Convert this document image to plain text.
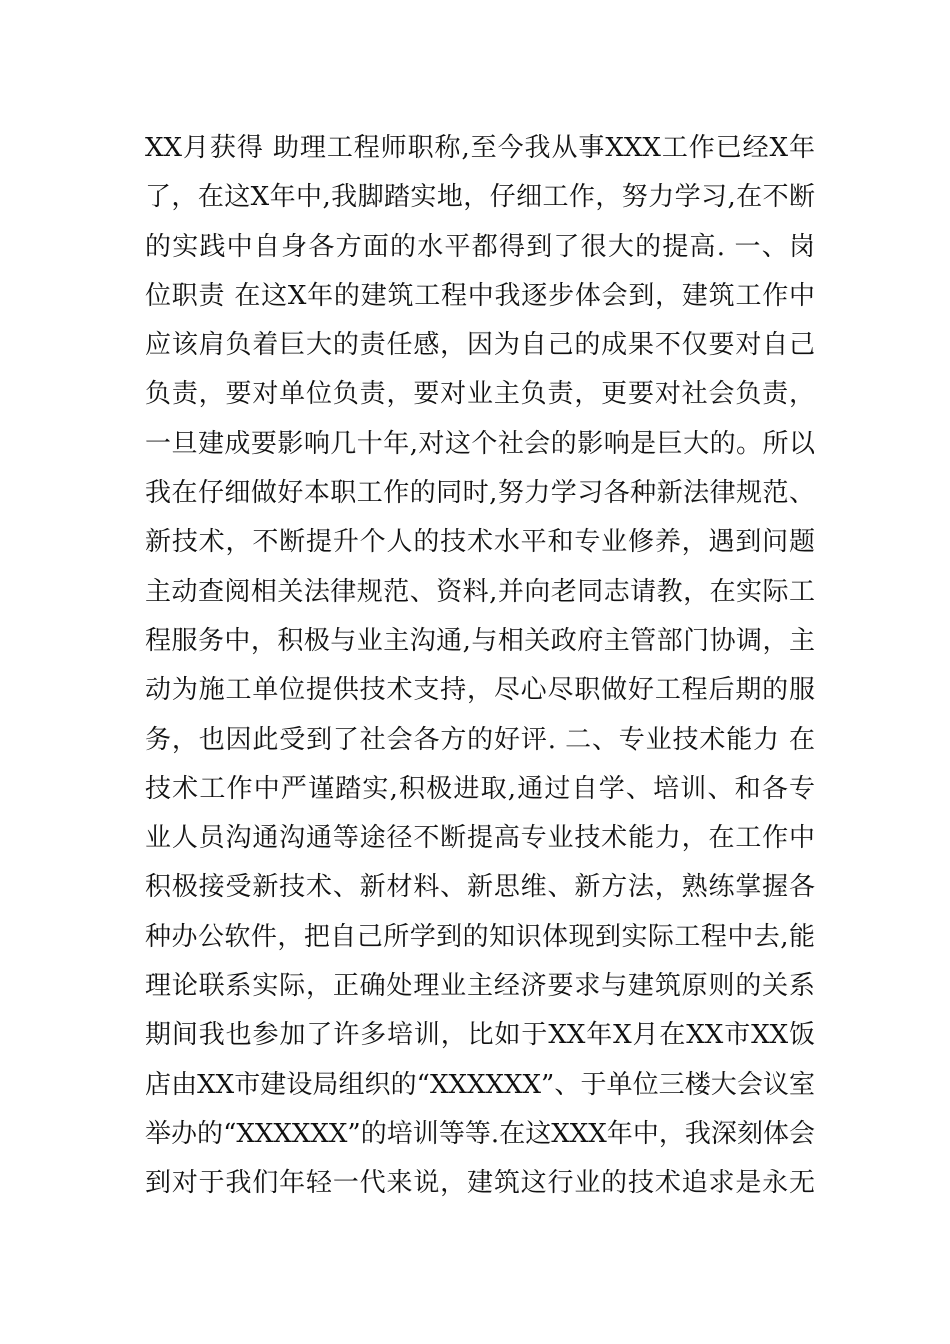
XX月获得 助理工程师职称,至今我从事XXX工作已经X年
了，在这X年中,我脚踏实地，仔细工作，努力学习,在不断
的实践中自身各方面的水平都得到了很大的提高. 一、岗
位职责 在这X年的建筑工程中我逐步体会到，建筑工作中
应该肩负着巨大的责任感，因为自己的成果不仅要对自己
负责，要对单位负责，要对业主负责，更要对社会负责，
一旦建成要影响几十年,对这个社会的影响是巨大的。所以
我在仔细做好本职工作的同时,努力学习各种新法律规范、
新技术，不断提升个人的技术水平和专业修养，遇到问题
主动查阅相关法律规范、资料,并向老同志请教，在实际工
程服务中，积极与业主沟通,与相关政府主管部门协调，主
动为施工单位提供技术支持，尽心尽职做好工程后期的服
务，也因此受到了社会各方的好评. 二、专业技术能力 在
技术工作中严谨踏实,积极进取,通过自学、培训、和各专
业人员沟通沟通等途径不断提高专业技术能力，在工作中
积极接受新技术、新材料、新思维、新方法，熟练掌握各
种办公软件，把自己所学到的知识体现到实际工程中去,能
理论联系实际，正确处理业主经济要求与建筑原则的关系
期间我也参加了许多培训，比如于XX年X月在XX市XX饭
店由XX市建设局组织的“XXXXXX”、于单位三楼大会议室
举办的“XXXXXX”的培训等等.在这XXX年中，我深刻体会
到对于我们年轻一代来说，建筑这行业的技术追求是永无
